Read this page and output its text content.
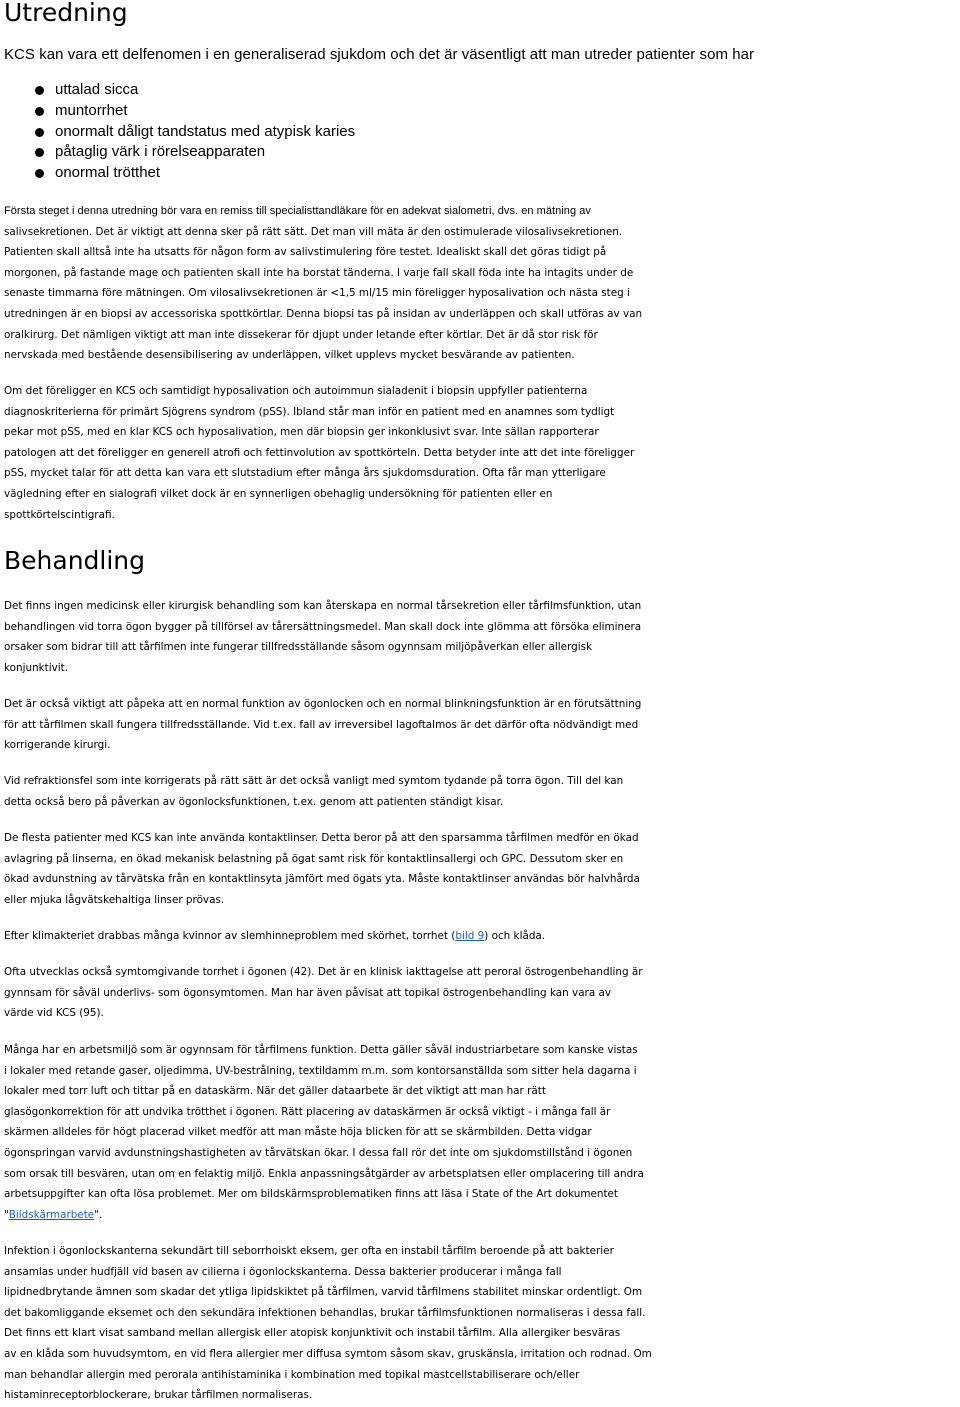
Utredning

KCS kan vara ett delfenomen i en generaliserad sjukdom och det är väsentligt att man utreder patienter som har

uttalad sicca
muntorrhet
onormalt dåligt tandstatus med atypisk karies
påtaglig värk i rörelseapparaten
onormal trötthet
Första steget i denna utredning bör vara en remiss till specialisttandläkare för en adekvat sialometri, dvs. en mätning av
salivsekretionen. Det är viktigt att denna sker på rätt sätt. Det man vill mäta är den ostimulerade vilosalivsekretionen.
Patienten skall alltså inte ha utsatts för någon form av salivstimulering före testet. Idealiskt skall det göras tidigt på
morgonen, på fastande mage och patienten skall inte ha borstat tänderna. I varje fall skall föda inte ha intagits under de
senaste timmarna före mätningen. Om vilosalivsekretionen är <1,5 ml/15 min föreligger hyposalivation och nästa steg i
utredningen är en biopsi av accessoriska spottkörtlar. Denna biopsi tas på insidan av underläppen och skall utföras av van
oralkirurg. Det nämligen viktigt att man inte dissekerar för djupt under letande efter körtlar. Det är då stor risk för
nervskada med bestående desensibilisering av underläppen, vilket upplevs mycket besvärande av patienten.
Om det föreligger en KCS och samtidigt hyposalivation och autoimmun sialadenit i biopsin uppfyller patienterna
diagnoskriterierna för primärt Sjögrens syndrom (pSS). Ibland står man inför en patient med en anamnes som tydligt
pekar mot pSS, med en klar KCS och hyposalivation, men där biopsin ger inkonklusivt svar. Inte sällan rapporterar
patologen att det föreligger en generell atrofi och fettinvolution av spottkörteln. Detta betyder inte att det inte föreligger
pSS, mycket talar för att detta kan vara ett slutstadium efter många års sjukdomsduration. Ofta får man ytterligare
vägledning efter en sialografi vilket dock är en synnerligen obehaglig undersökning för patienten eller en
spottkörtelscintigrafi.
Behandling
Det finns ingen medicinsk eller kirurgisk behandling som kan återskapa en normal tårsekretion eller tårfilmsfunktion, utan
behandlingen vid torra ögon bygger på tillförsel av tårersättningsmedel. Man skall dock inte glömma att försöka eliminera
orsaker som bidrar till att tårfilmen inte fungerar tillfredsställande såsom ogynnsam miljöpåverkan eller allergisk
konjunktivit.
Det är också viktigt att påpeka att en normal funktion av ögonlocken och en normal blinkningsfunktion är en förutsättning
för att tårfilmen skall fungera tillfredsställande. Vid t.ex. fall av irreversibel lagoftalmos är det därför ofta nödvändigt med
korrigerande kirurgi.
Vid refraktionsfel som inte korrigerats på rätt sätt är det också vanligt med symtom tydande på torra ögon. Till del kan
detta också bero på påverkan av ögonlocksfunktionen, t.ex. genom att patienten ständigt kisar.
De flesta patienter med KCS kan inte använda kontaktlinser. Detta beror på att den sparsamma tårfilmen medför en ökad
avlagring på linserna, en ökad mekanisk belastning på ögat samt risk för kontaktlinsallergi och GPC. Dessutom sker en
ökad avdunstning av tårvätska från en kontaktlinsyta jämfört med ögats yta. Måste kontaktlinser användas bör halvhårda
eller mjuka lågvätskehaltiga linser prövas.
Efter klimakteriet drabbas många kvinnor av slemhinneproblem med skörhet, torrhet (bild 9) och klåda.
Ofta utvecklas också symtomgivande torrhet i ögonen (42). Det är en klinisk iakttagelse att peroral östrogenbehandling är
gynnsam för såväl underlivs- som ögonsymtomen. Man har även påvisat att topikal östrogenbehandling kan vara av
värde vid KCS (95).
Många har en arbetsmiljö som är ogynnsam för tårfilmens funktion. Detta gäller såväl industriarbetare som kanske vistas
i lokaler med retande gaser, oljedimma, UV-bestrålning, textildamm m.m. som kontorsanställda som sitter hela dagarna i
lokaler med torr luft och tittar på en dataskärm. När det gäller dataarbete är det viktigt att man har rätt
glasögonkorrektion för att undvika trötthet i ögonen. Rätt placering av dataskärmen är också viktigt - i många fall är
skärmen alldeles för högt placerad vilket medför att man måste höja blicken för att se skärmbilden. Detta vidgar
ögonspringan varvid avdunstningshastigheten av tårvätskan ökar. I dessa fall rör det inte om sjukdomstillstånd i ögonen
som orsak till besvären, utan om en felaktig miljö. Enkla anpassningsåtgärder av arbetsplatsen eller omplacering till andra
arbetsuppgifter kan ofta lösa problemet. Mer om bildskärmsproblematiken finns att läsa i State of the Art dokumentet
"Bildskärmarbete".
Infektion i ögonlockskanterna sekundärt till seborrhoiskt eksem, ger ofta en instabil tårfilm beroende på att bakterier
ansamlas under hudfjäll vid basen av cilierna i ögonlockskanterna. Dessa bakterier producerar i många fall
lipidnedbrytande ämnen som skadar det ytliga lipidskiktet på tårfilmen, varvid tårfilmens stabilitet minskar ordentligt. Om
det bakomliggande eksemet och den sekundära infektionen behandlas, brukar tårfilmsfunktionen normaliseras i dessa fall.
Det finns ett klart visat samband mellan allergisk eller atopisk konjunktivit och instabil tårfilm. Alla allergiker besväras
av en klåda som huvudsymtom, en vid flera allergier mer diffusa symtom såsom skav, gruskänsla, irritation och rodnad. Om
man behandlar allergin med perorala antihistaminika i kombination med topikal mastcellstabiliserare och/eller
histaminreceptorblockerare, brukar tårfilmen normaliseras.
